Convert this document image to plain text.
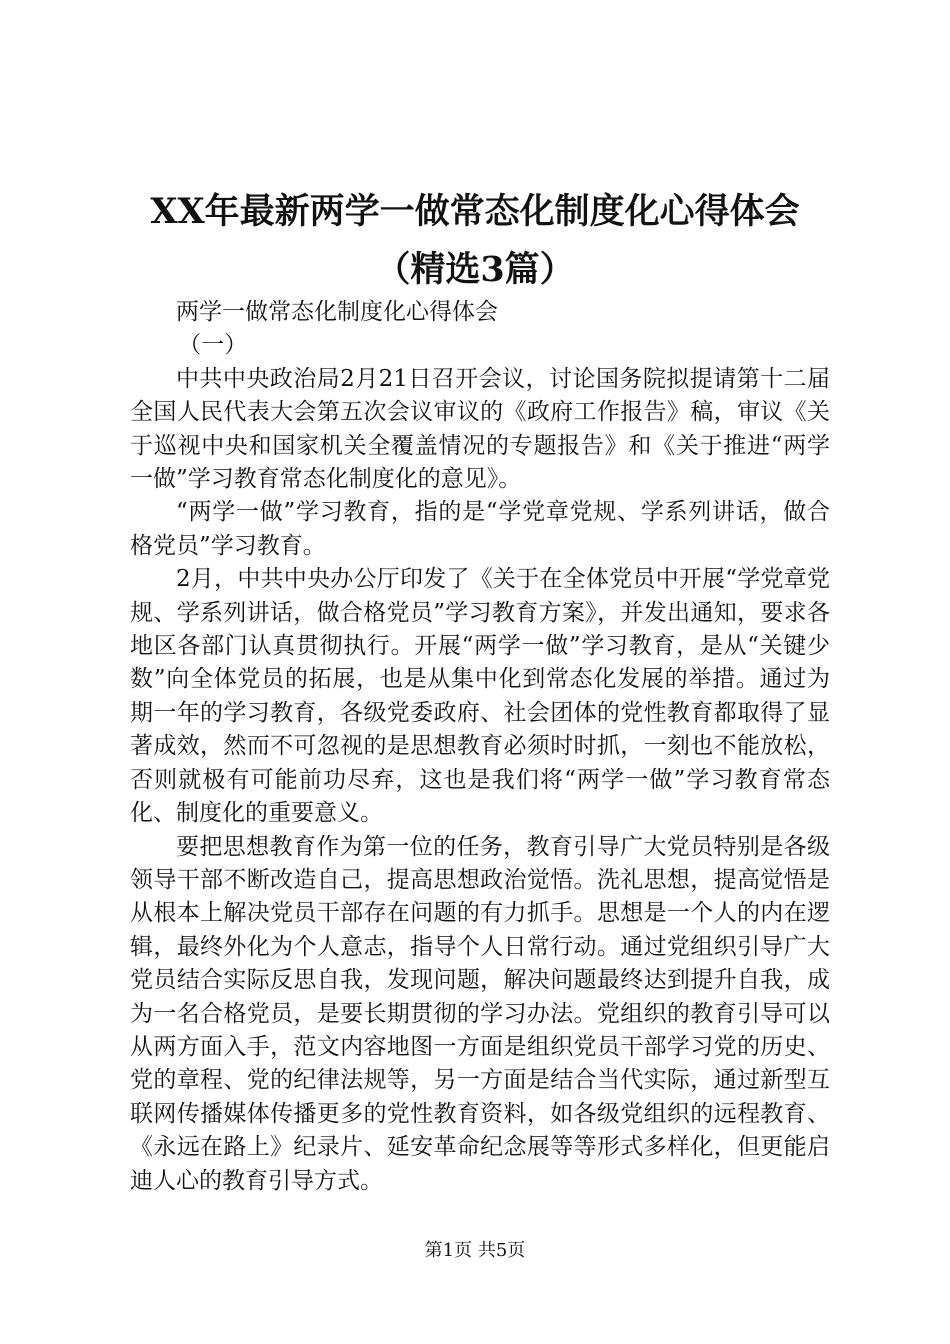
XX年最新两学一做常态化制度化心得体会
（精选3篇）

两学一做常态化制度化心得体会

（一）

中共中央政治局2月21日召开会议，讨论国务院拟提请第十二届全国人民代表大会第五次会议审议的《政府工作报告》稿，审议《关于巡视中央和国家机关全覆盖情况的专题报告》和《关于推进“两学一做”学习教育常态化制度化的意见》。

“两学一做”学习教育，指的是“学党章党规、学系列讲话，做合格党员”学习教育。

2月，中共中央办公厅印发了《关于在全体党员中开展“学党章党规、学系列讲话，做合格党员”学习教育方案》，并发出通知，要求各地区各部门认真贯彻执行。开展“两学一做”学习教育，是从“关键少数”向全体党员的拓展，也是从集中化到常态化发展的举措。通过为期一年的学习教育，各级党委政府、社会团体的党性教育都取得了显著成效，然而不可忽视的是思想教育必须时时抓，一刻也不能放松，否则就极有可能前功尽弃，这也是我们将“两学一做”学习教育常态化、制度化的重要意义。

要把思想教育作为第一位的任务，教育引导广大党员特别是各级领导干部不断改造自己，提高思想政治觉悟。洗礼思想，提高觉悟是从根本上解决党员干部存在问题的有力抓手。思想是一个人的内在逻辑，最终外化为个人意志，指导个人日常行动。通过党组织引导广大党员结合实际反思自我，发现问题，解决问题最终达到提升自我，成为一名合格党员，是要长期贯彻的学习办法。党组织的教育引导可以从两方面入手，范文内容地图一方面是组织党员干部学习党的历史、党的章程、党的纪律法规等，另一方面是结合当代实际，通过新型互联网传播媒体传播更多的党性教育资料，如各级党组织的远程教育、《永远在路上》纪录片、延安革命纪念展等等形式多样化，但更能启迪人心的教育引导方式。

第1页 共5页
